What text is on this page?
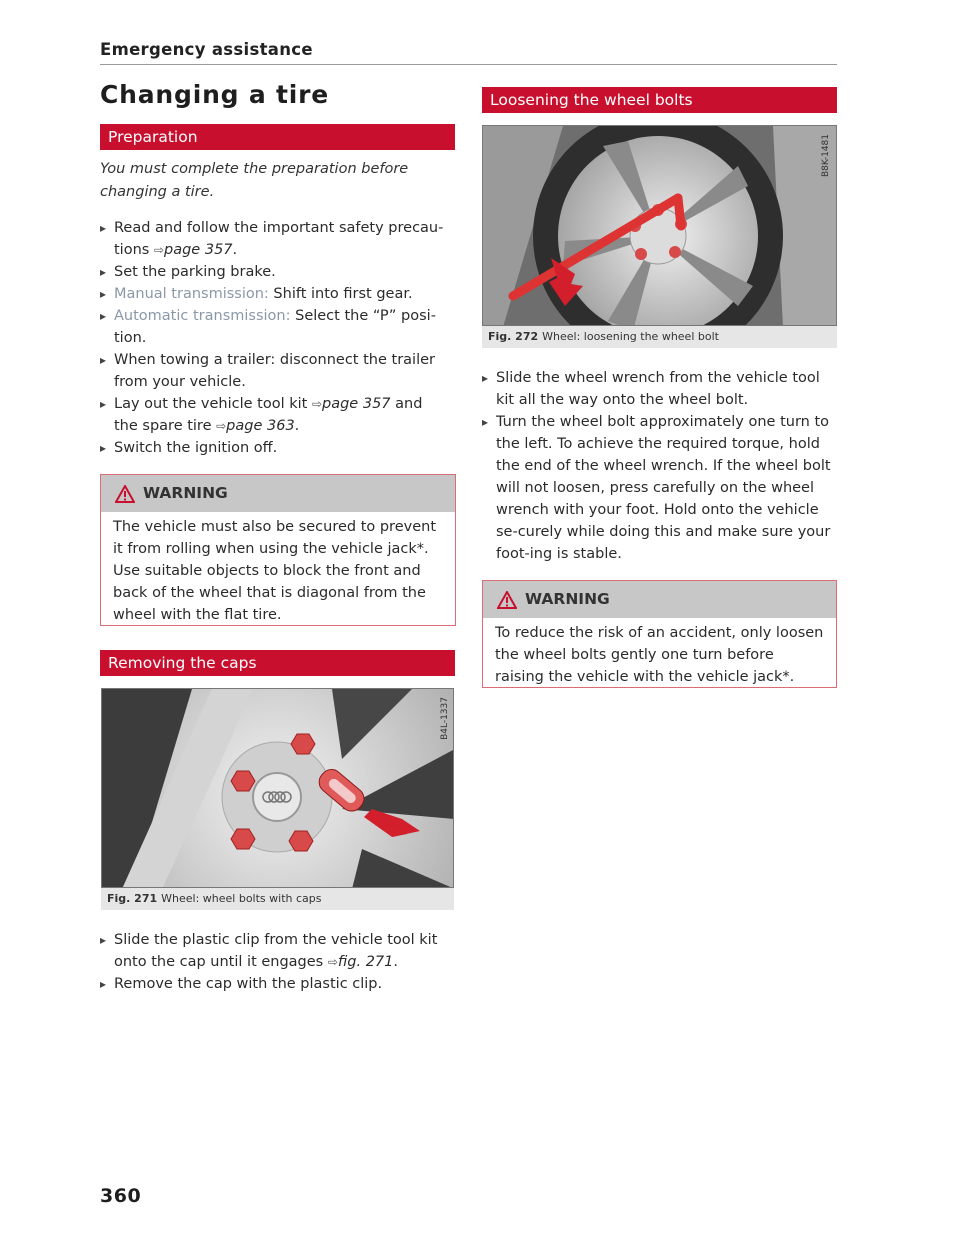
Emergency assistance
Changing a tire
Preparation
You must complete the preparation before changing a tire.
▸ Read and follow the important safety precau-tions ⇨page 357.
▸ Set the parking brake.
▸ Manual transmission: Shift into first gear.
▸ Automatic transmission: Select the “P” posi-tion.
▸ When towing a trailer: disconnect the trailer from your vehicle.
▸ Lay out the vehicle tool kit ⇨page 357 and the spare tire ⇨page 363.
▸ Switch the ignition off.
WARNING
The vehicle must also be secured to prevent it from rolling when using the vehicle jack*. Use suitable objects to block the front and back of the wheel that is diagonal from the wheel with the flat tire.
Removing the caps
B4L-1337
Fig. 271 Wheel: wheel bolts with caps
▸ Slide the plastic clip from the vehicle tool kit onto the cap until it engages ⇨fig. 271.
▸ Remove the cap with the plastic clip.
Loosening the wheel bolts
B8K-1481
Fig. 272 Wheel: loosening the wheel bolt
▸ Slide the wheel wrench from the vehicle tool kit all the way onto the wheel bolt.
▸ Turn the wheel bolt approximately one turn to the left. To achieve the required torque, hold the end of the wheel wrench. If the wheel bolt will not loosen, press carefully on the wheel wrench with your foot. Hold onto the vehicle se-curely while doing this and make sure your foot-ing is stable.
WARNING
To reduce the risk of an accident, only loosen the wheel bolts gently one turn before raising the vehicle with the vehicle jack*.
360
